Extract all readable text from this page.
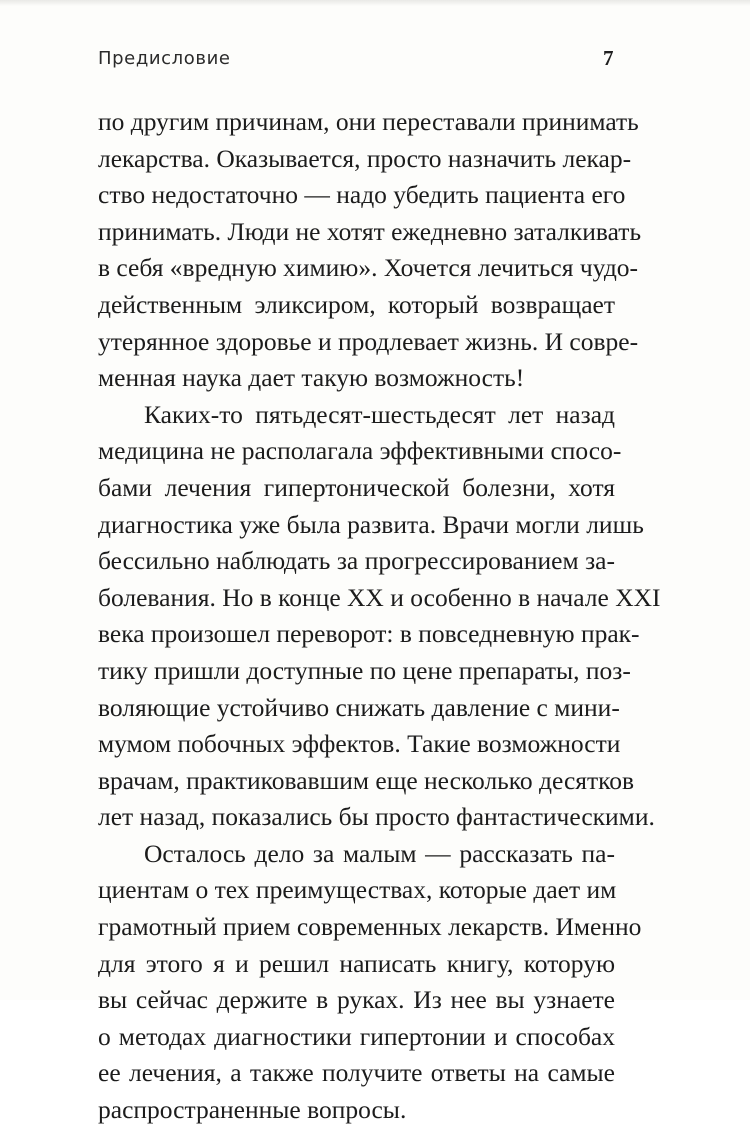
Предисловие	7
по другим причинам, они переставали принимать
лекарства. Оказывается, просто назначить лекар-
ство недостаточно — надо убедить пациента его
принимать. Люди не хотят ежедневно заталкивать
в себя «вредную химию». Хочется лечиться чудо-
действенным эликсиром, который возвращает
утерянное здоровье и продлевает жизнь. И совре-
менная наука дает такую возможность!
Каких-то пятьдесят-шестьдесят лет назад
медицина не располагала эффективными спосо-
бами лечения гипертонической болезни, хотя
диагностика уже была развита. Врачи могли лишь
бессильно наблюдать за прогрессированием за-
болевания. Но в конце XX и особенно в начале XXI
века произошел переворот: в повседневную прак-
тику пришли доступные по цене препараты, поз-
воляющие устойчиво снижать давление с мини-
мумом побочных эффектов. Такие возможности
врачам, практиковавшим еще несколько десятков
лет назад, показались бы просто фантастическими.
Осталось дело за малым — рассказать па-
циентам о тех преимуществах, которые дает им
грамотный прием современных лекарств. Именно
для этого я и решил написать книгу, которую
вы сейчас держите в руках. Из нее вы узнаете
о методах диагностики гипертонии и способах
ее лечения, а также получите ответы на самые
распространенные вопросы.
